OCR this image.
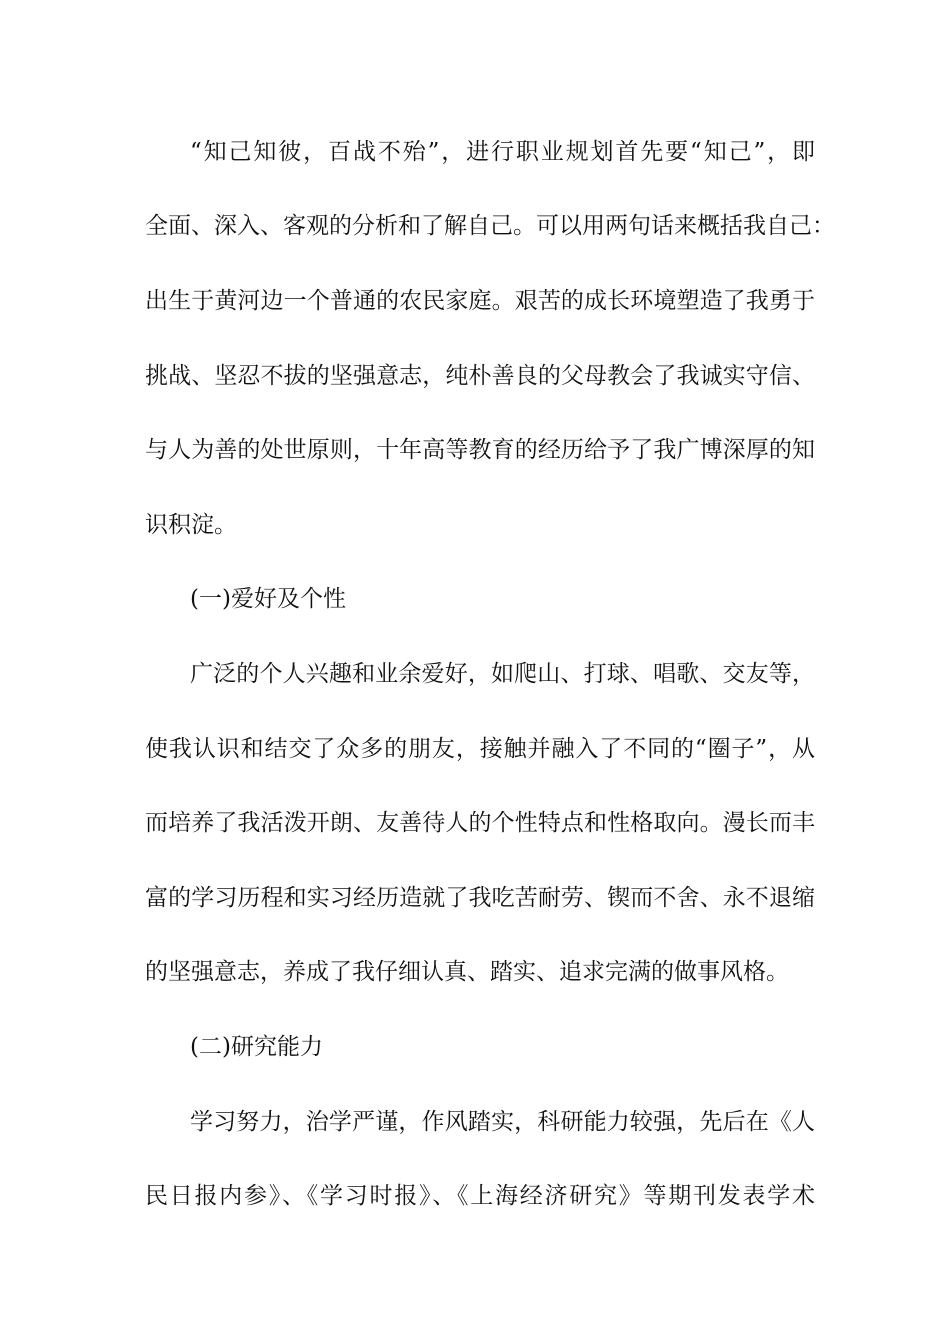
“知己知彼，百战不殆”，进行职业规划首先要“知己”，即
全面、深入、客观的分析和了解自己。可以用两句话来概括我自己：
出生于黄河边一个普通的农民家庭。艰苦的成长环境塑造了我勇于
挑战、坚忍不拔的坚强意志，纯朴善良的父母教会了我诚实守信、
与人为善的处世原则，十年高等教育的经历给予了我广博深厚的知
识积淀。
(一)爱好及个性
广泛的个人兴趣和业余爱好，如爬山、打球、唱歌、交友等，
使我认识和结交了众多的朋友，接触并融入了不同的“圈子”，从
而培养了我活泼开朗、友善待人的个性特点和性格取向。漫长而丰
富的学习历程和实习经历造就了我吃苦耐劳、锲而不舍、永不退缩
的坚强意志，养成了我仔细认真、踏实、追求完满的做事风格。
(二)研究能力
学习努力，治学严谨，作风踏实，科研能力较强，先后在《人
民日报内参》、《学习时报》、《上海经济研究》等期刊发表学术
